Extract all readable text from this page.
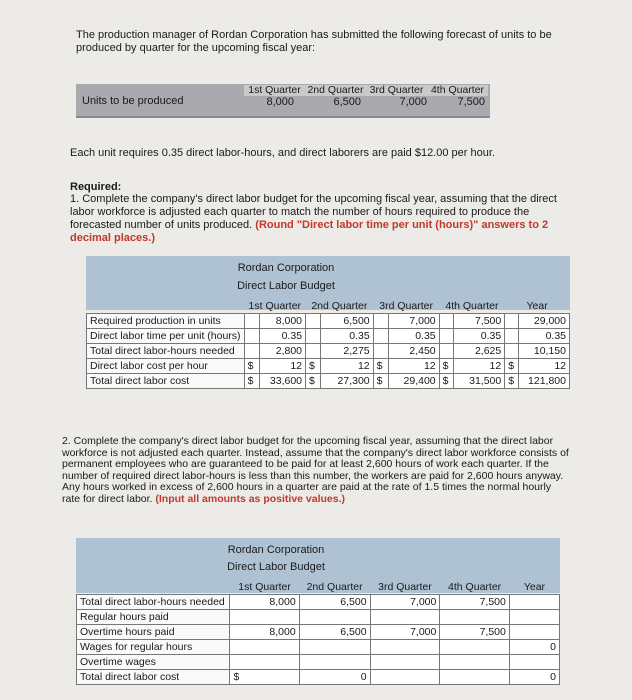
The production manager of Rordan Corporation has submitted the following forecast of units to be produced by quarter for the upcoming fiscal year:
Units to be produced
1st Quarter 2nd Quarter 3rd Quarter 4th Quarter
8,000	6,500	7,000	7,500
Each unit requires 0.35 direct labor-hours, and direct laborers are paid $12.00 per hour.
Required:
1. Complete the company's direct labor budget for the upcoming fiscal year, assuming that the direct labor workforce is adjusted each quarter to match the number of hours required to produce the forecasted number of units produced. (Round "Direct labor time per unit (hours)" answers to 2 decimal places.)
Rordan Corporation
Direct Labor Budget
	1st Quarter		2nd Quarter		3rd Quarter		4th Quarter		Year	
Required production in units		8,000		6,500		7,000		7,500		29,000
Direct labor time per unit (hours)		0.35		0.35		0.35		0.35		0.35
Total direct labor-hours needed		2,800		2,275		2,450		2,625		10,150
Direct labor cost per hour	$	12	$	12	$	12	$	12	$	12
Total direct labor cost	$	33,600	$	27,300	$	29,400	$	31,500	$	121,800
2. Complete the company's direct labor budget for the upcoming fiscal year, assuming that the direct labor workforce is not adjusted each quarter. Instead, assume that the company's direct labor workforce consists of permanent employees who are guaranteed to be paid for at least 2,600 hours of work each quarter. If the number of required direct labor-hours is less than this number, the workers are paid for 2,600 hours anyway. Any hours worked in excess of 2,600 hours in a quarter are paid at the rate of 1.5 times the normal hourly rate for direct labor. (Input all amounts as positive values.)
Rordan Corporation
Direct Labor Budget
	1st Quarter	2nd Quarter	3rd Quarter	4th Quarter	Year
Total direct labor-hours needed	8,000	6,500	7,000	7,500	
Regular hours paid					
Overtime hours paid	8,000	6,500	7,000	7,500	
Wages for regular hours					0
Overtime wages					
Total direct labor cost	$	0			0
